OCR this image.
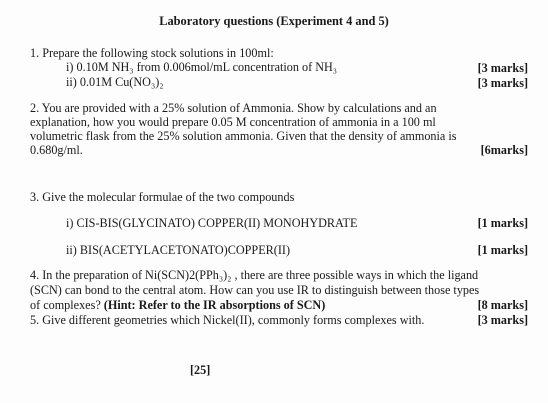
Laboratory questions (Experiment 4 and 5)
1. Prepare the following stock solutions in 100ml:
i) 0.10M NH₃ from 0.006mol/mL concentration of NH₃	[3 marks]
ii) 0.01M Cu(NO₃)₂	[3 marks]
2. You are provided with a 25% solution of Ammonia. Show by calculations and an
explanation, how you would prepare 0.05 M concentration of ammonia in a 100 ml
volumetric flask from the 25% solution ammonia. Given that the density of ammonia is
0.680g/ml.	[6marks]
3. Give the molecular formulae of the two compounds
i) CIS-BIS(GLYCINATO) COPPER(II) MONOHYDRATE	[1 marks]
ii) BIS(ACETYLACETONATO)COPPER(II)	[1 marks]
4. In the preparation of Ni(SCN)2(PPh₃)₂ , there are three possible ways in which the ligand
(SCN) can bond to the central atom. How can you use IR to distinguish between those types
of complexes? (Hint: Refer to the IR absorptions of SCN)	[8 marks]
5. Give different geometries which Nickel(II), commonly forms complexes with.	[3 marks]
[25]
